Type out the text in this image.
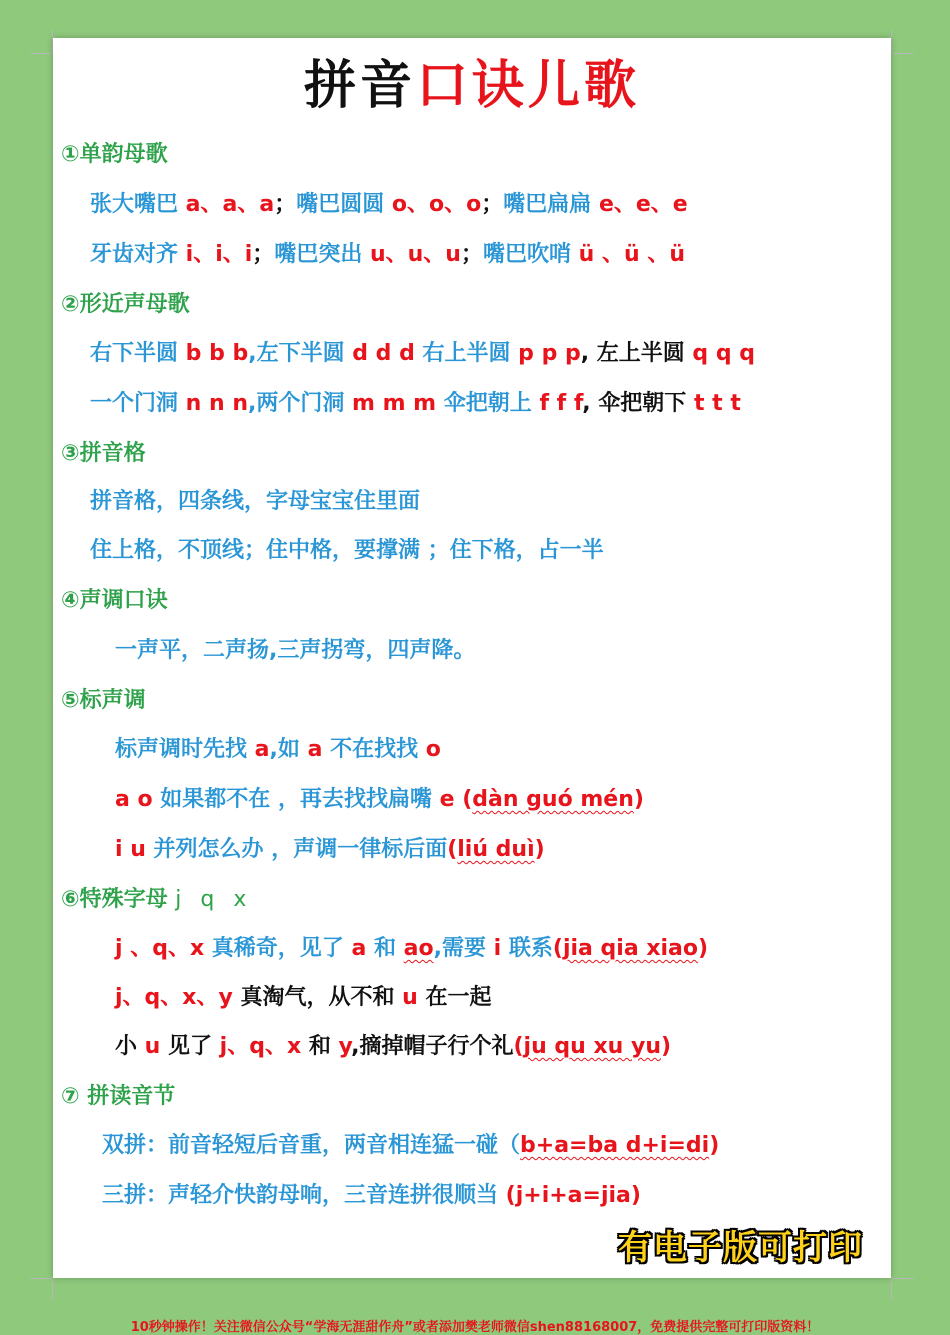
拼音口诀儿歌
①单韵母歌
张大嘴巴 a、a、a；嘴巴圆圆 o、o、o；嘴巴扁扁 e、e、e
牙齿对齐 i、i、i；嘴巴突出 u、u、u；嘴巴吹哨 ü 、ü 、ü
②形近声母歌
右下半圆 b b b,左下半圆 d d d 右上半圆 p p p, 左上半圆 q q q
一个门洞 n n n,两个门洞 m m m 伞把朝上 f f f, 伞把朝下 t t t
③拼音格
拼音格，四条线，字母宝宝住里面
住上格，不顶线；住中格，要撑满 ；住下格，占一半
④声调口诀
一声平，二声扬,三声拐弯，四声降。
⑤标声调
标声调时先找 a,如 a 不在找找 o
a o 如果都不在 ，再去找找扁嘴 e (dàn guó mén)
i u 并列怎么办 ，声调一律标后面(liú duì)
⑥特殊字母 j q x
j 、q、x 真稀奇，见了 a 和 ao,需要 i 联系(jia qia xiao)
j、q、x、y 真淘气，从不和 u 在一起
小 u 见了 j、q、x 和 y,摘掉帽子行个礼(ju qu xu yu)
⑦ 拼读音节
双拼：前音轻短后音重，两音相连猛一碰（b+a=ba d+i=di)
三拼：声轻介快韵母响，三音连拼很顺当 (j+i+a=jia)
有电子版可打印
10秒钟操作！关注微信公众号“学海无涯甜作舟”或者添加樊老师微信shen88168007，免费提供完整可打印版资料！
